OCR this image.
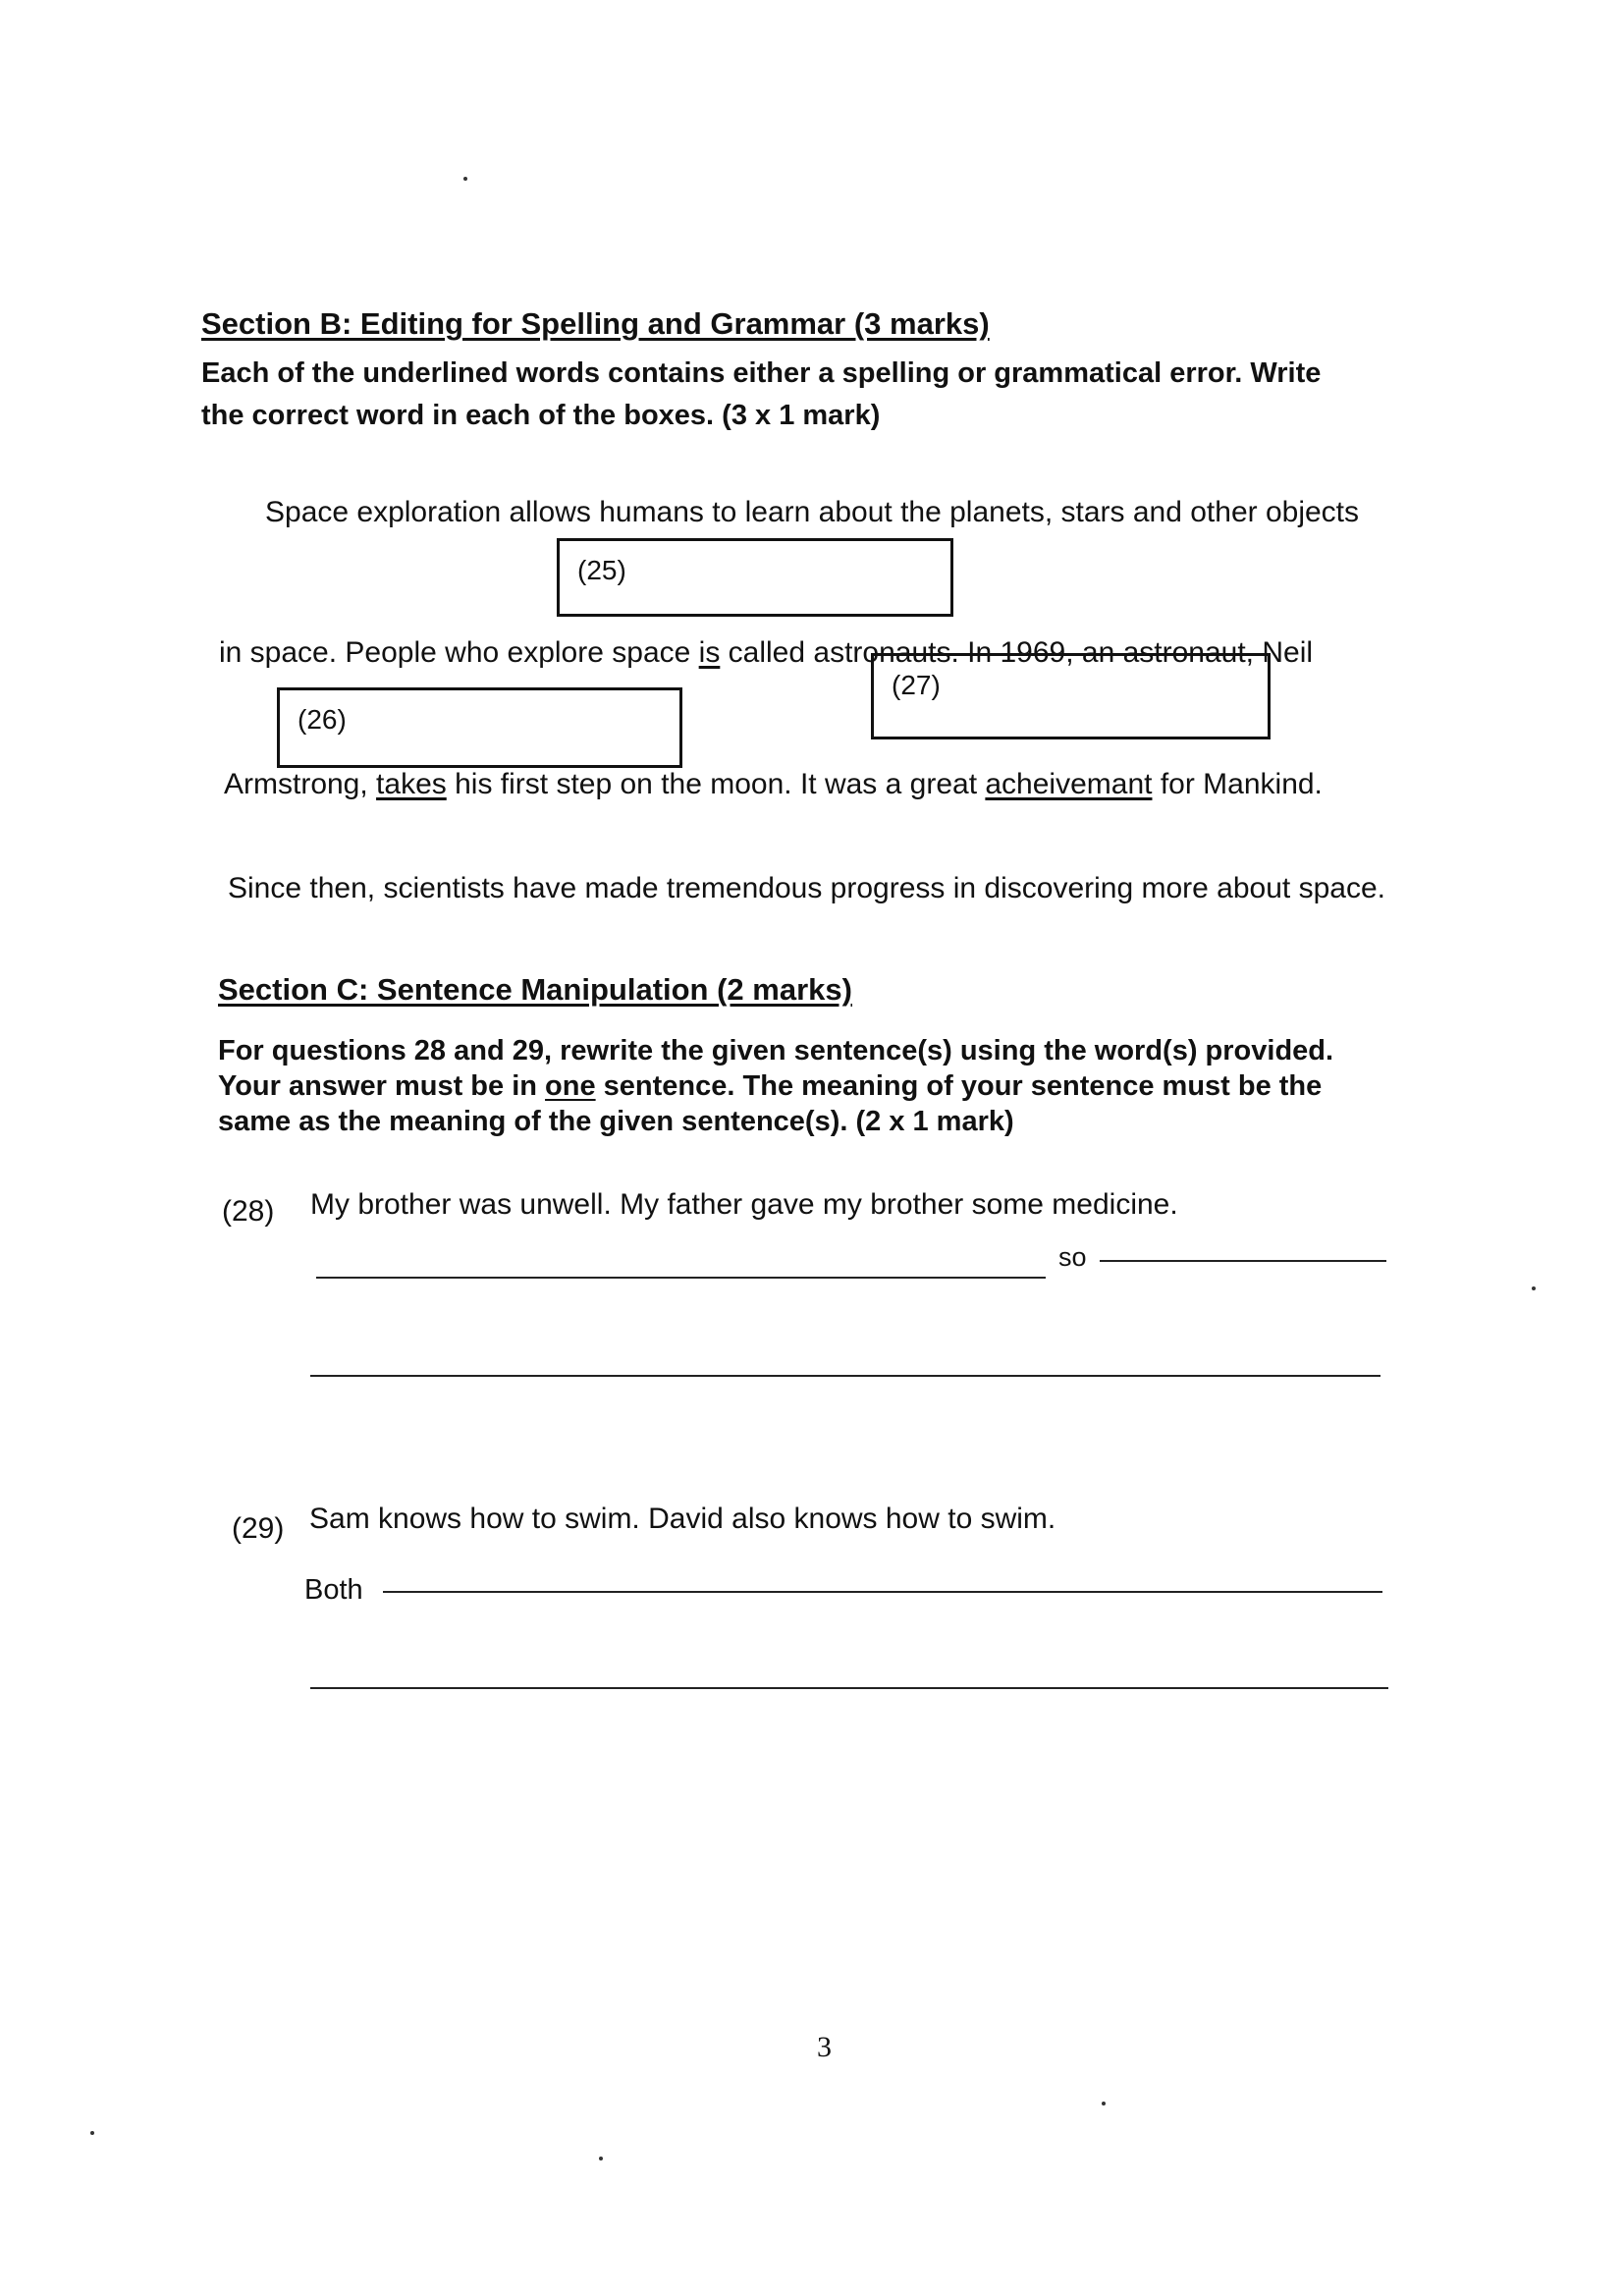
Section B: Editing for Spelling and Grammar (3 marks)
Each of the underlined words contains either a spelling or grammatical error. Write
the correct word in each of the boxes. (3 x 1 mark)
Space exploration allows humans to learn about the planets, stars and other objects
(25)
in space. People who explore space is called astronauts. In 1969, an astronaut, Neil
(27)
(26)
Armstrong, takes his first step on the moon. It was a great acheivemant for Mankind.
Since then, scientists have made tremendous progress in discovering more about space.
Section C: Sentence Manipulation (2 marks)
For questions 28 and 29, rewrite the given sentence(s) using the word(s) provided.
Your answer must be in one sentence. The meaning of your sentence must be the
same as the meaning of the given sentence(s). (2 x 1 mark)
(28) My brother was unwell. My father gave my brother some medicine.
so
(29) Sam knows how to swim. David also knows how to swim.
Both
3
